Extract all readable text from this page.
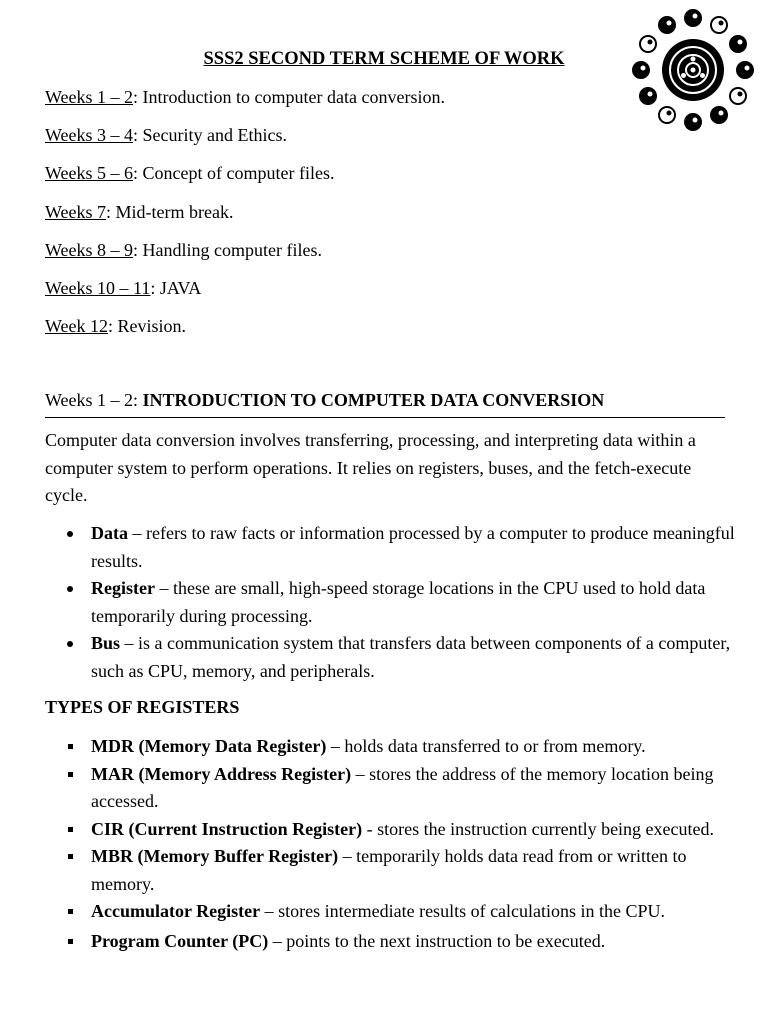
SSS2 SECOND TERM SCHEME OF WORK
Weeks 1 – 2: Introduction to computer data conversion.
Weeks 3 – 4: Security and Ethics.
Weeks 5 – 6: Concept of computer files.
Weeks 7: Mid-term break.
Weeks 8 – 9: Handling computer files.
Weeks 10 – 11: JAVA
Week 12: Revision.
Weeks 1 – 2: INTRODUCTION TO COMPUTER DATA CONVERSION

Computer data conversion involves transferring, processing, and interpreting data within a computer system to perform operations. It relies on registers, buses, and the fetch-execute cycle.

Data – refers to raw facts or information processed by a computer to produce meaningful results.
Register – these are small, high-speed storage locations in the CPU used to hold data temporarily during processing.
Bus – is a communication system that transfers data between components of a computer, such as CPU, memory, and peripherals.
TYPES OF REGISTERS
MDR (Memory Data Register) – holds data transferred to or from memory.
MAR (Memory Address Register) – stores the address of the memory location being accessed.
CIR (Current Instruction Register) - stores the instruction currently being executed.
MBR (Memory Buffer Register) – temporarily holds data read from or written to memory.
Accumulator Register – stores intermediate results of calculations in the CPU.
Program Counter (PC) – points to the next instruction to be executed.
